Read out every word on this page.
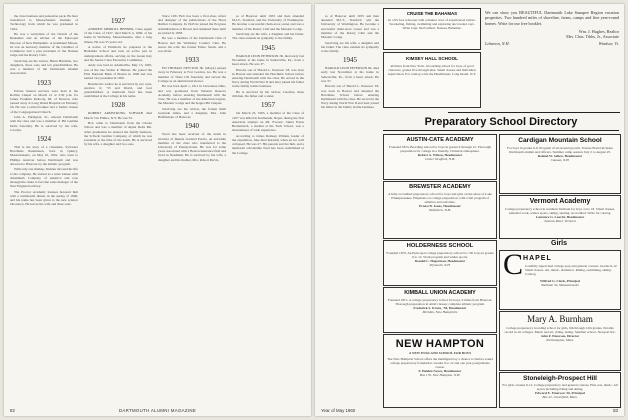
the class business and palaestrae pack. He later transferred to Massachusetts Institute of Technology from which he was graduated in 1924.

He was a vestryman of the Church of the Redeemer and an adviser of the Episcopal Diocese of New Hampshire. A prominent Mason, he was an honorary member of the Chamber of Commerce and a past president of the Nashua lodge and the Rotary Club.

Surviving are his widow, Helen Hutchins, two daughters, three sons and ten grandchildren. He was a member of the Dartmouth Alumni Association.

1923

Private funeral services were held at the Rollins Chapel on March 21 at 2:30 p.m. for James Franklin Peabody, 66, of Newton, who passed away at Long Island Hospital on February 26. He was a retired banker and a former trustee of the Congregational Church.

John A. Purington, Sr., entered Dartmouth with the class and was a member of Phi Gamma Delta fraternity. He is survived by his wife, Carolyn.

1924

This is the story of a classmate, Sylvester Hotchkiss Rasmussen, born in Quincy, Massachusetts, on May 10, 1901, who went to Phillips Andover before Dartmouth and was attracted to Hanover by the athletic program.

With only one mishap, Sumner devoted his life to his company. He started as a sales trainee with Aluminum Company of America and rose through the ranks to become sales manager of the New England territory.

The Proctor Academy trustees honored him with a testimonial dinner in the spring of 1960, and his name has been given to the new science laboratory. He leaves his wife and three sons.

1927

ANDREW MERRILL HEBNER, Class Agent of the Class of 1927, died March 4, 1960, at his home in Wellesley, Massachusetts, after a long illness. He was 55 years old.

A native of Pittsfield, he prepared at the Berkshire School and took an active part in undergraduate affairs, serving on the Green Key and the Senior Class Executive Committee.

Andy was born in Adamsville, May 13, 1905, son of the late Walter P. Hebner. He joined the First National Bank of Boston in 1928 and was named vice president in 1950.

Besides his widow he is survived by two sons, Andrew Jr. '53 and David, and four grandchildren. A memorial fund has been established at the College in his name.

1928

ROBERT ARMSTRONG SCHWAB died March 3 in Elmira, N.Y. He was 55.

Bob came to Dartmouth from the Choate School and was a member of Alpha Delta Phi. After graduation he entered the family business, the Schwab Lumber Company, of which he was president at the time of his death. He is survived by his wife, a daughter and two sons.

Since 1931 Bob has been a first-class writer and designer of the publications of the Hood Rubber Company. In 1943 he joined the Progress Administration at Brown and remained there until he retired in 1958.

He was a member of the Dartmouth Club of Boston and the Wellesley Country Club. He leaves his wife, the former Elinor Sands, and a son, Peter.

1933

ED THOMAS NEWTON JR. (Major) passed away in February at Fort Gordon, Ga. He was a member of Theta Chi fraternity and served the College as an alumni interviewer.

He was born April 1, 1911 in Cleveland, Ohio, and was graduated from Western Reserve Academy before entering Dartmouth with the class. He was a member of the American Legion, the Masonic Lodge and the Kappa Phi Chapter.

Surviving are his widow, the former Ruth Gertrude Ames, and a daughter, Mrs. John Hoffmeister of Hanover.

1940

Word has been received of the death in October of Dennis Garland Purvis, an erstwhile member of the class who transferred to the University of Pennsylvania. He was for some years associated with a Boston insurance firm and lived in Needham. He is survived by his wife, a daughter and his mother, Mrs. Robert Purvis.

ss of Hanover until 1933 and then attended M.I.T., Stanford, and the University of Washington. He became a successful chain-store owner and was a member of the Rotary Club and the Masonic Lodge.

Surviving are his wife, a daughter and his father. The class extends its sympathy to the family.

1945

HAROLD LEON PETERSON JR. died early last November at his home in Sellersville, Pa., from a heart attack. He was 37.

Harold, son of Harold L. Peterson '18, was born in Boston and attended the Hotchkiss School before entering Dartmouth with the class. He served in the Navy during World War II and later joined his father in the family textile business.

He is survived by his widow, Caroline, three children, his father and a sister.

1957

On March 25, 1963, a member of the Class of 1957 was killed in Katmandu, Nepal, during the first American attempt on Mt. Everest. James Eaton Breitenbach, a student at the Tuck School, was a mountaineer of wide experience.

According to James Ramsey Ullman, leader of the expedition, Jake died instantly when an ice wall collapsed. He was 27. His parents survive him, and a memorial scholarship fund has been established at the College.

82	DARTMOUTH ALUMNI MAGAZINE

ss of Hanover until 1933 and then attended M.I.T., Stanford, and the University of Washington. He became a successful chain-store owner and was a member of the Rotary Club and the Masonic Lodge.

Surviving are his wife, a daughter and his father. The class extends its sympathy to the family.

1945

HAROLD LEON PETERSON JR. died early last November at his home in Sellersville, Pa., from a heart attack. He was 37.

Harold, son of Harold L. Peterson '18, was born in Boston and attended the Hotchkiss School before entering Dartmouth with the class. He served in the Navy during World War II and later joined his father in the family textile business.

CRUISE THE BAHAMAS
In a 95-foot schooner with a mature crew of experienced sailors. Snorkeling, fishing, swimming and exploring uncrowded cays. Write Capt. Ned Gilbert, Nassau, Bahamas.
KIMSEY HALL SCHOOL
40 miles from New York. A boarding school for boys of good character, grades five through nine. Small classes and individual supervision. For catalog write the Headmaster, Long Island, N.Y.
We can show you BEAUTIFUL Dartmouth Lake Sunapee Region vacation properties. Two hundred miles of shoreline, farms, camps and fine year-round homes. Write for our free booklet.
Wm. J. Hughes, Realtor
Mrs. Chas. Tibbs, Jr., Associate
Lebanon, N.H.	Windsor, Vt.
Preparatory School Directory
AUSTIN-CATE ACADEMY
Founded 1823. Boarding school for boys in grades 9 through 12. Thorough preparation for college in a friendly, Christian atmosphere.
Robert A. Wilson, Headmaster
Center Strafford, N.H.
BREWSTER ACADEMY
A fully accredited preparatory school for boys and girls on the shore of Lake Winnipesaukee. Emphasis on college preparation, with a full program of athletics and activities.
Ernest B. Jones, Headmaster
Wolfeboro, N.H.
HOLDERNESS SCHOOL
Founded 1879. An Episcopal college preparatory school for 150 boys in grades 9 to 12. Work program and winter sports.
Donald C. Hagerman, Headmaster
Plymouth, N.H.
KIMBALL UNION ACADEMY
Founded 1813. A college preparatory school for boys, 9 miles from Hanover. Thorough preparation in small classes; complete athletic program.
Frederick S. Kraus, '38, Headmaster
Meriden, New Hampshire
NEW HAMPTON
A NEW ENGLAND SCHOOL FOR BOYS
The New Hampton School offers the intelligent boy a chance to build a sound college preparatory foundation. Grades 9 to 12 and one year postgraduate course.
F. Holden Noyes, Headmaster
Box 170, New Hampton, N.H.
Cardigan Mountain School
For boys in grades 6-9. Program of all-around growth. Trustee Board includes Dartmouth alumni and officers. Summer camp session July 2 to August 25.
Roland W. Sellew, Headmaster
Canaan, N.H.
Vermont Academy
College preparatory school in southern Vermont for boys 14 to 18. Small classes, remedial work, winter sports, skiing, skating. Accredited. Write for catalog.
Laurence G. Leavitt, Headmaster
Saxtons River, Vermont
Girls
C HAPEL
Carefully supervised college prep and general courses. Grades 9-12. Small classes. Art, music, dramatics. Riding, swimming, skiing. Catalog.
Wilfred G. Clark, Principal
Waltham 54, Massachusetts
Mary A. Burnham
College preparatory boarding school for girls, 9th through 12th grades. Notable record in all colleges. Music and art, riding, skiing. Summer school, Newport R.I.
John F. Emerson, Director
Northampton, Mass.
Stoneleigh-Prospect Hill
For girls. Grades 9-12. College preparatory and general courses. Fine arts, music. All sports including riding and skiing.
Edward E. Emerson '36, Principal
Box 22, Greenfield, Mass.
Year of May 1960	83
